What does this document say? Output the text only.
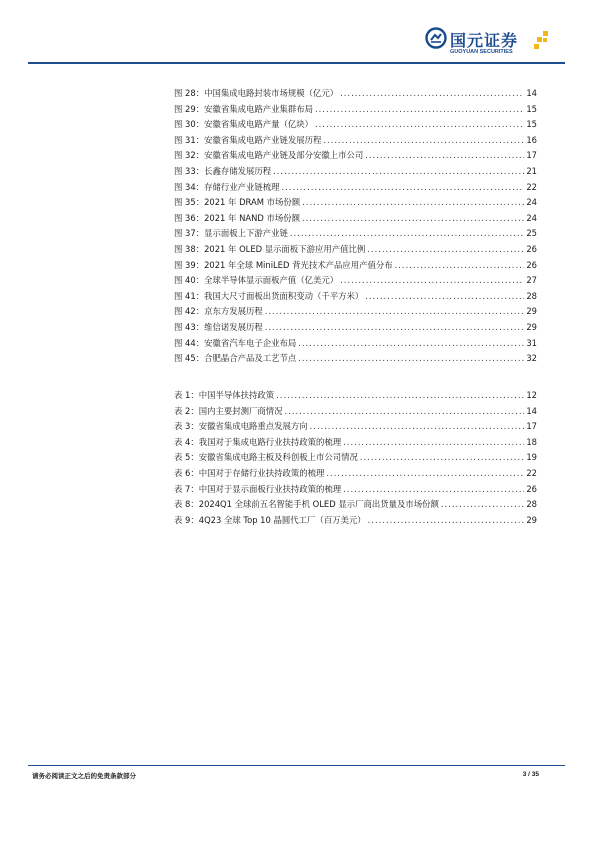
国元证券
GUOYUAN SECURITIES
图 28：中国集成电路封装市场规模（亿元） .....	14
图 29：安徽省集成电路产业集群布局 .....	15
图 30：安徽省集成电路产量（亿块） .....	15
图 31：安徽省集成电路产业链发展历程 .....	16
图 32：安徽省集成电路产业链及部分安徽上市公司 .....	17
图 33：长鑫存储发展历程 .....	21
图 34：存储行业产业链梳理 .....	22
图 35：2021 年 DRAM 市场份额 .....	24
图 36：2021 年 NAND 市场份额 .....	24
图 37：显示面板上下游产业链 .....	25
图 38：2021 年 OLED 显示面板下游应用产值比例 .....	26
图 39：2021 年全球 MiniLED 背光技术产品应用产值分布 .....	26
图 40：全球半导体显示面板产值（亿美元） .....	27
图 41：我国大尺寸面板出货面积变动（千平方米） .....	28
图 42：京东方发展历程 .....	29
图 43：维信诺发展历程 .....	29
图 44：安徽省汽车电子企业布局 .....	31
图 45：合肥晶合产品及工艺节点 .....	32
表 1：中国半导体扶持政策 .....	12
表 2：国内主要封测厂商情况 .....	14
表 3：安徽省集成电路重点发展方向 .....	17
表 4：我国对于集成电路行业扶持政策的梳理 .....	18
表 5：安徽省集成电路主板及科创板上市公司情况 .....	19
表 6：中国对于存储行业扶持政策的梳理 .....	22
表 7：中国对于显示面板行业扶持政策的梳理 .....	26
表 8：2024Q1 全球前五名智能手机 OLED 显示厂商出货量及市场份额 .....	28
表 9：4Q23 全球 Top 10 晶圆代工厂（百万美元） .....	29
请务必阅读正文之后的免责条款部分	3 / 35
